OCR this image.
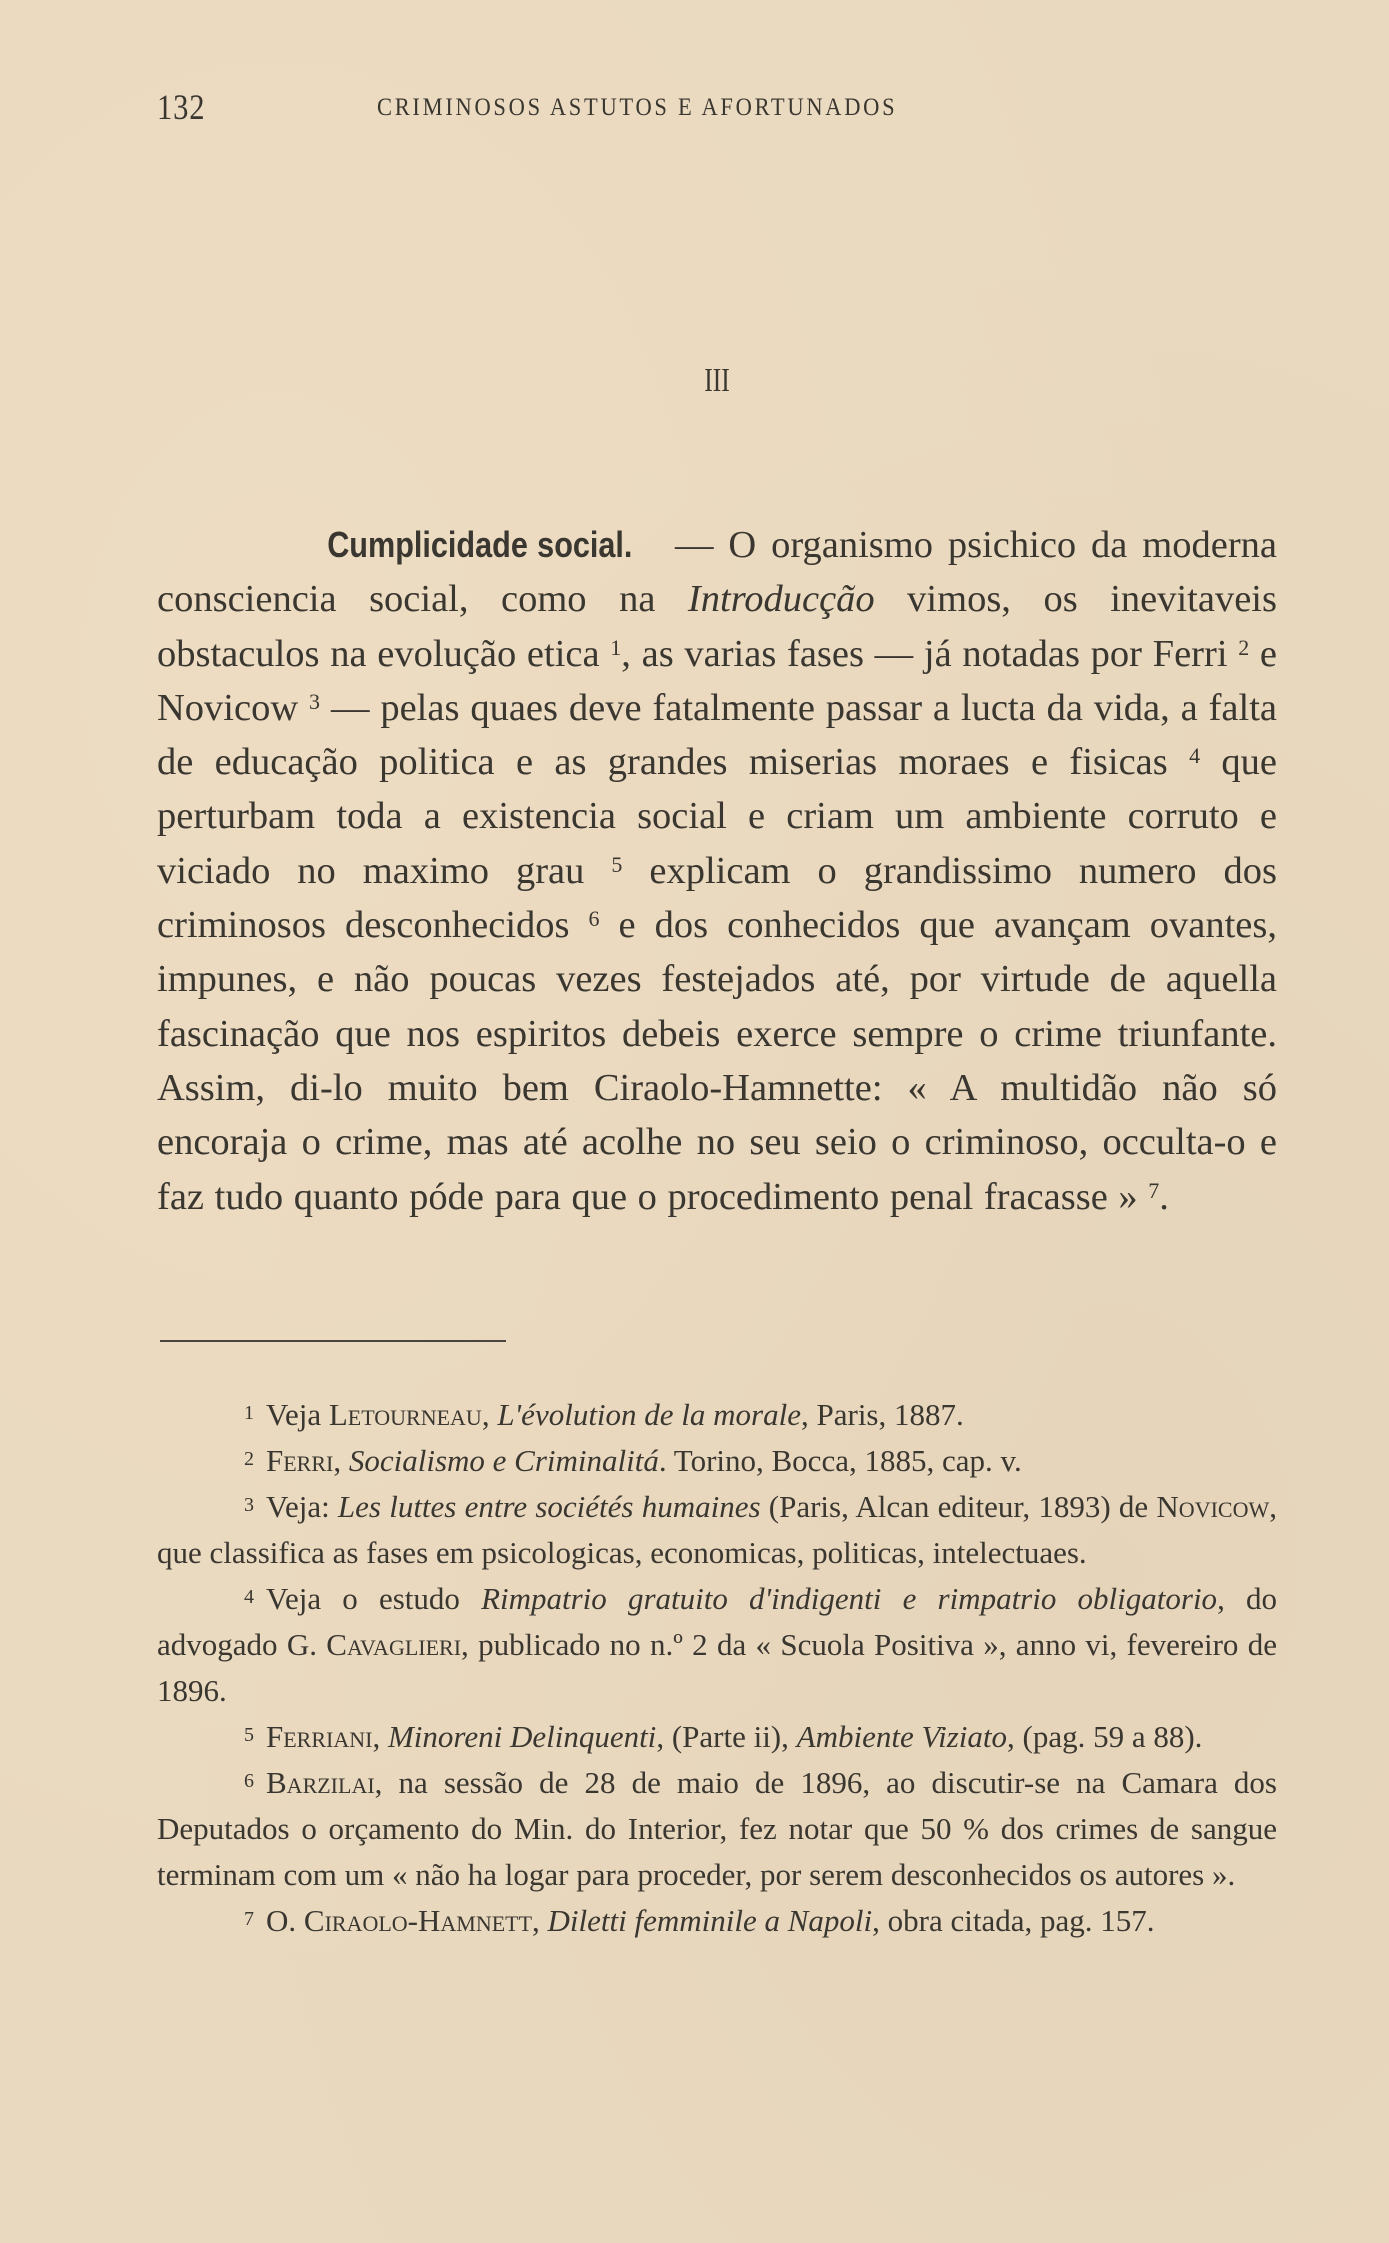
132	CRIMINOSOS ASTUTOS E AFORTUNADOS
III

Cumplicidade social. — O organismo psichico da moderna consciencia social, como na Introducção vimos, os inevitaveis obstaculos na evolução etica $^1$, as varias fases — já notadas por Ferri $^2$ e Novicow $^3$ — pelas quaes deve fatalmente passar a lucta da vida, a falta de educação politica e as grandes miserias moraes e fisicas $^4$ que perturbam toda a existencia social e criam um ambiente corruto e viciado no maximo grau $^5$ explicam o grandissimo numero dos criminosos desconhecidos $^6$ e dos conhecidos que avançam ovantes, impunes, e não poucas vezes festejados até, por virtude de aquella fascinação que nos espiritos debeis exerce sempre o crime triunfante. Assim, di-lo muito bem Ciraolo-Hamnette: « A multidão não só encoraja o crime, mas até acolhe no seu seio o criminoso, occulta-o e faz tudo quanto póde para que o procedimento penal fracasse » $^7$.

$^1$ Veja Letourneau, L'évolution de la morale, Paris, 1887.

$^2$ Ferri, Socialismo e Criminalitá. Torino, Bocca, 1885, cap. v.

$^3$ Veja: Les luttes entre sociétés humaines (Paris, Alcan editeur, 1893) de Novicow, que classifica as fases em psicologicas, economicas, politicas, intelectuaes.

$^4$ Veja o estudo Rimpatrio gratuito d'indigenti e rimpatrio obligatorio, do advogado G. Cavaglieri, publicado no n.º 2 da « Scuola Positiva », anno vi, fevereiro de 1896.

$^5$ Ferriani, Minoreni Delinquenti, (Parte ii), Ambiente Viziato, (pag. 59 a 88).

$^6$ Barzilai, na sessão de 28 de maio de 1896, ao discutir-se na Camara dos Deputados o orçamento do Min. do Interior, fez notar que 50 % dos crimes de sangue terminam com um « não ha logar para proceder, por serem desconhecidos os autores ».

$^7$ O. Ciraolo-Hamnett, Diletti femminile a Napoli, obra citada, pag. 157.
